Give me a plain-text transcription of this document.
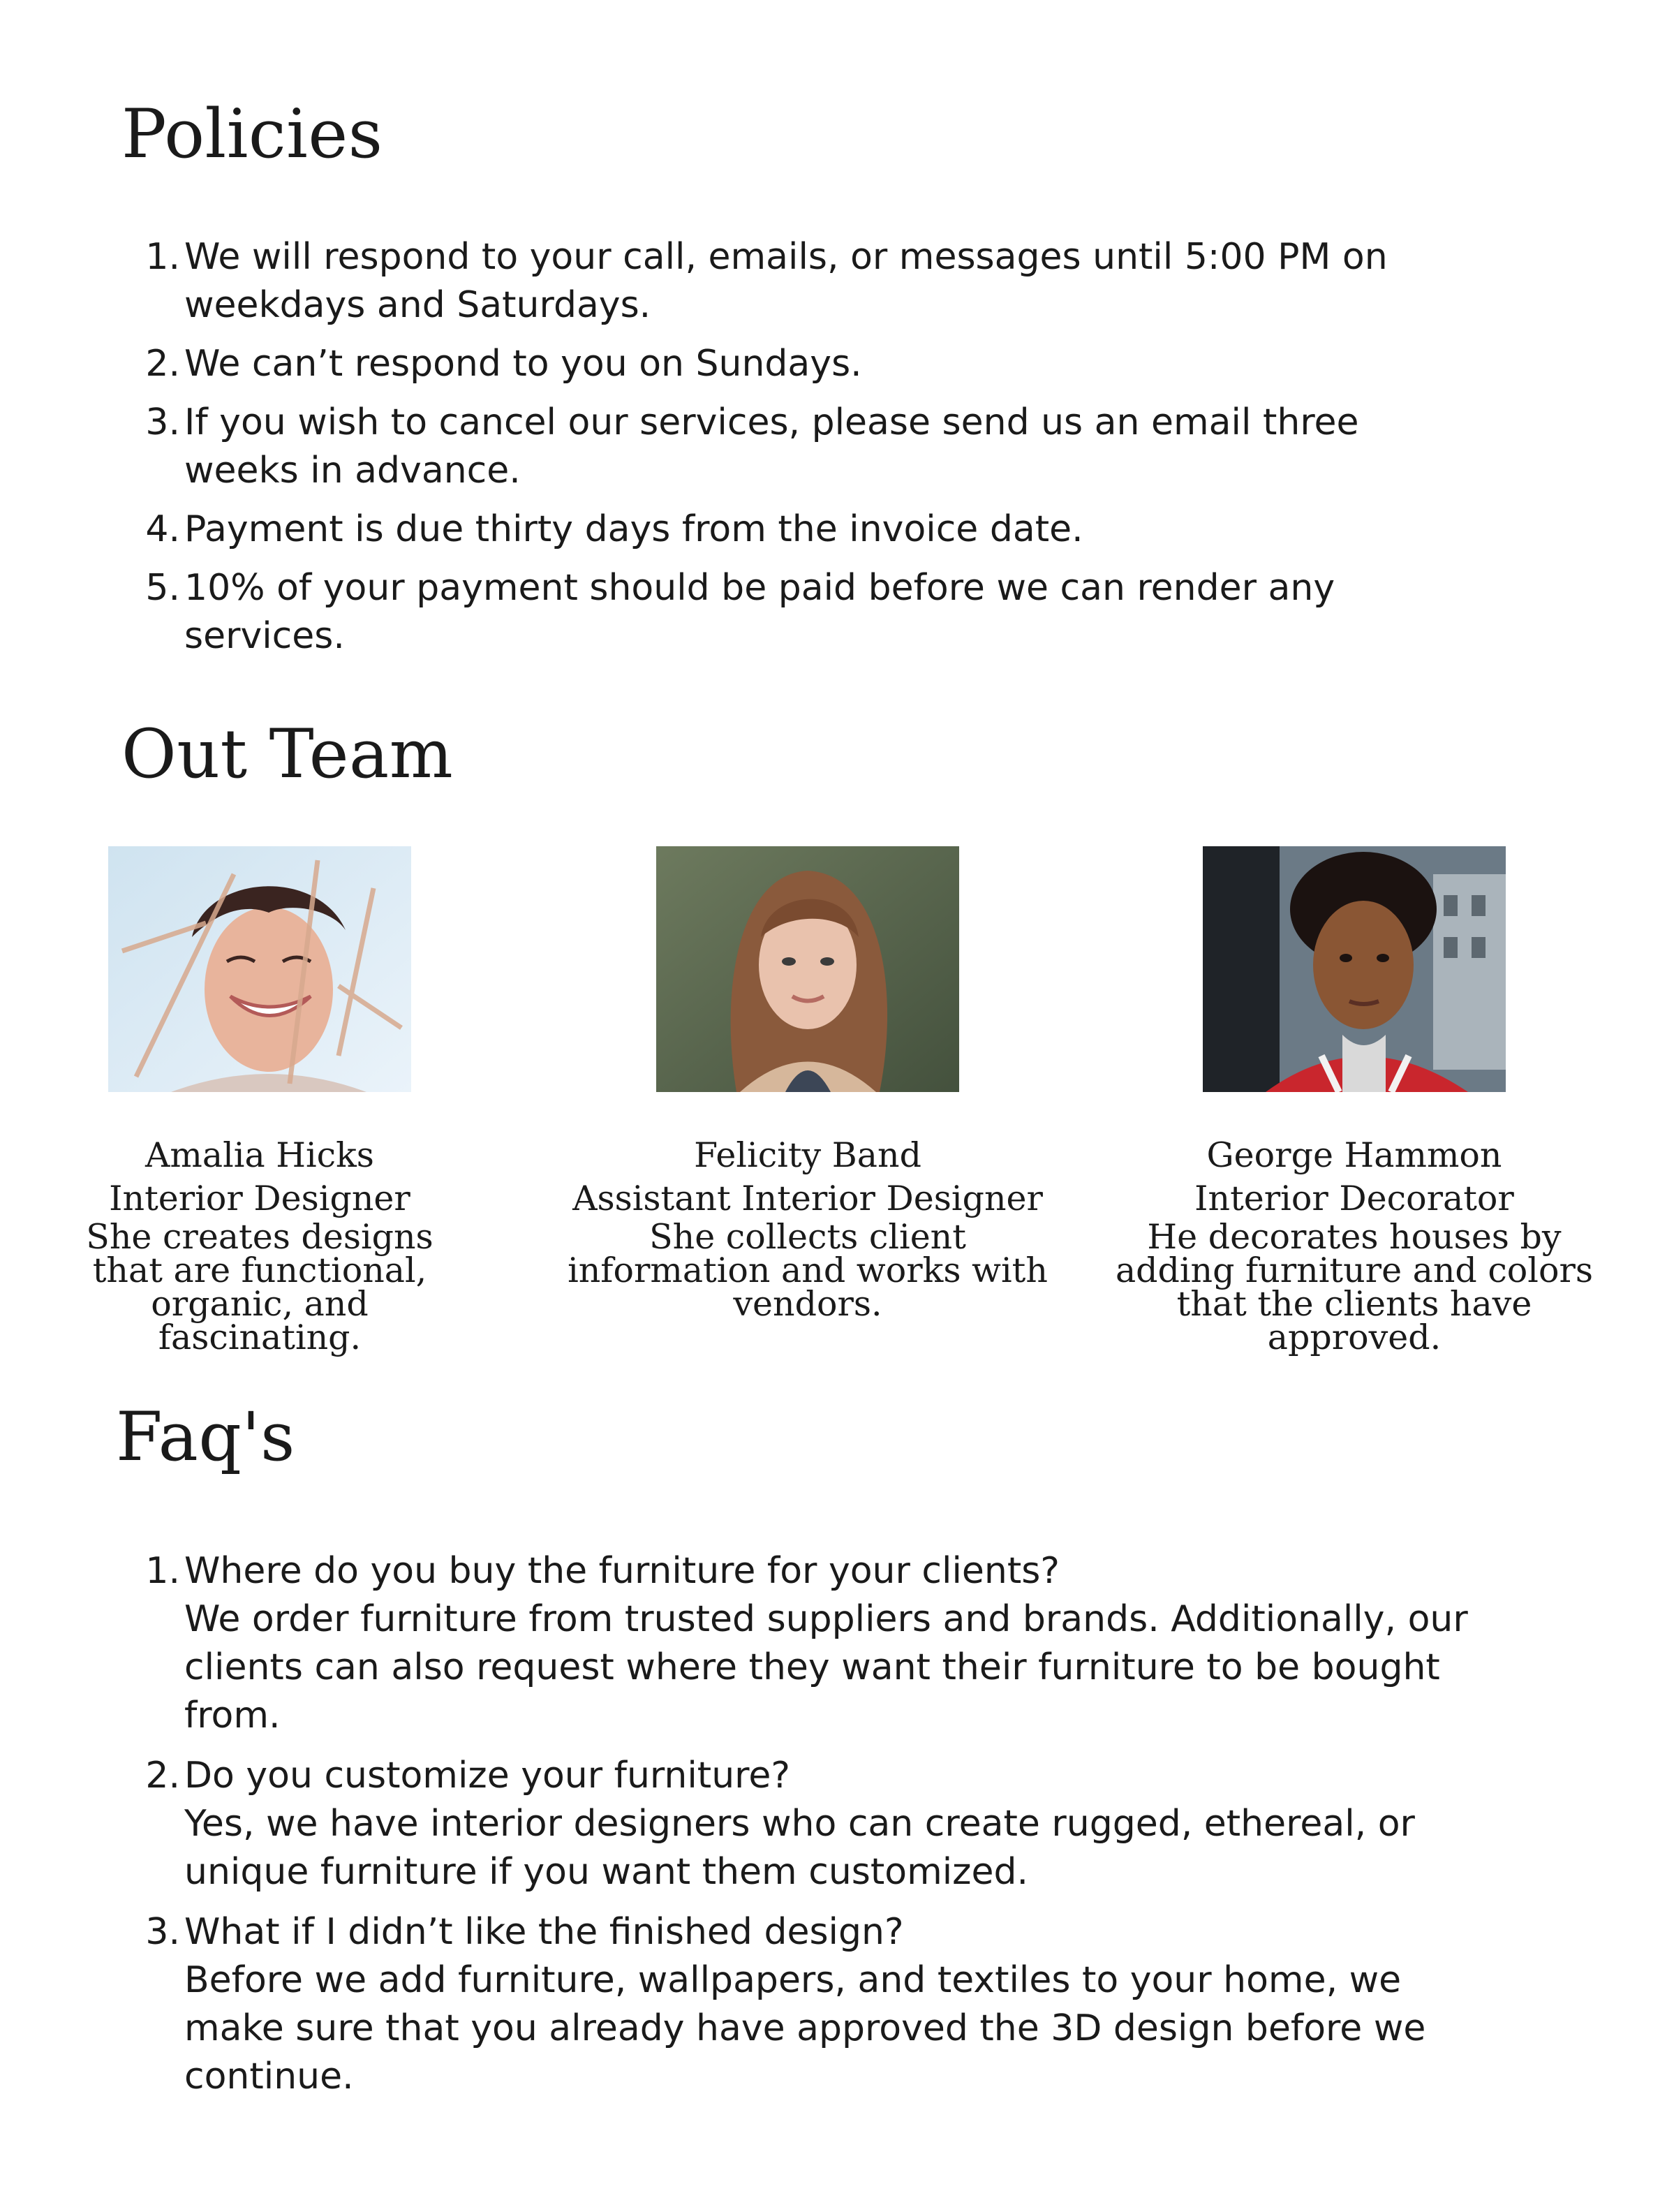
Policies
1. We will respond to your call, emails, or messages until 5:00 PM on weekdays and Saturdays.
2. We can’t respond to you on Sundays.
3. If you wish to cancel our services, please send us an email three weeks in advance.
4. Payment is due thirty days from the invoice date.
5. 10% of your payment should be paid before we can render any services.
Out Team
Amalia Hicks
Interior Designer
She creates designs that are functional, organic, and fascinating.
Felicity Band
Assistant Interior Designer
She collects client information and works with vendors.
George Hammon
Interior Decorator
He decorates houses by adding furniture and colors that the clients have approved.
Faq's
1. Where do you buy the furniture for your clients?
We order furniture from trusted suppliers and brands. Additionally, our clients can also request where they want their furniture to be bought from.
2. Do you customize your furniture?
Yes, we have interior designers who can create rugged, ethereal, or unique furniture if you want them customized.
3. What if I didn’t like the finished design?
Before we add furniture, wallpapers, and textiles to your home, we make sure that you already have approved the 3D design before we continue.
